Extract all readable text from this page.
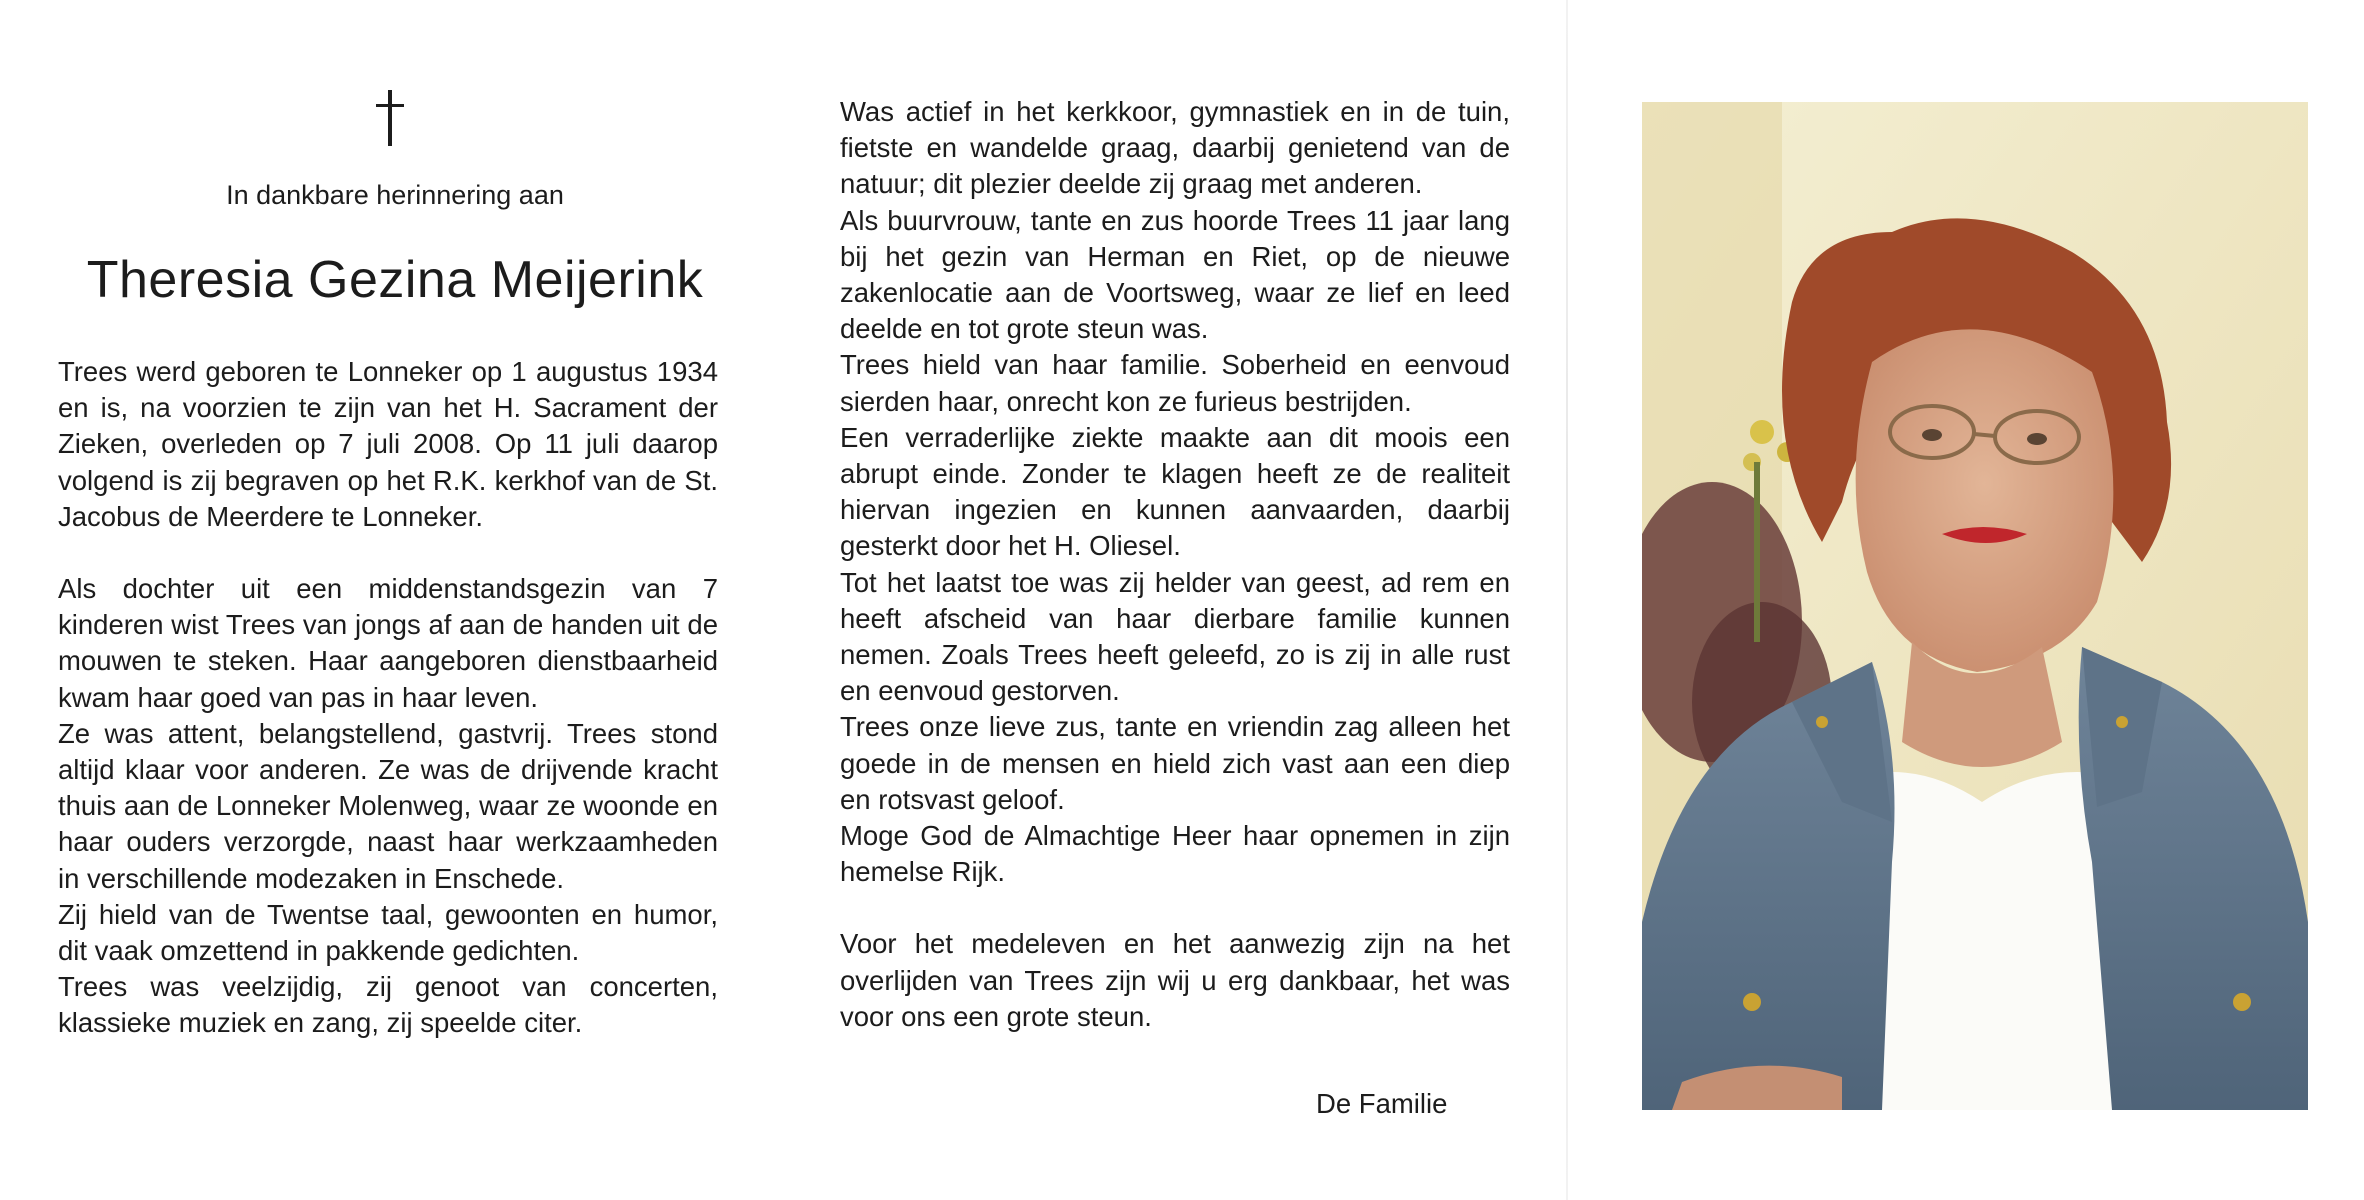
In dankbare herinnering aan
Theresia Gezina Meijerink

Trees werd geboren te Lonneker op 1 augustus 1934 en is, na voorzien te zijn van het H. Sacrament der Zieken, overleden op 7 juli 2008. Op 11 juli daarop volgend is zij begraven op het R.K. kerkhof van de St. Jacobus de Meerdere te Lonneker.

Als dochter uit een middenstandsgezin van 7 kinderen wist Trees van jongs af aan de handen uit de mouwen te steken. Haar aangeboren dienstbaarheid kwam haar goed van pas in haar leven.

Ze was attent, belangstellend, gastvrij. Trees stond altijd klaar voor anderen. Ze was de drijvende kracht thuis aan de Lonneker Molenweg, waar ze woonde en haar ouders verzorgde, naast haar werkzaamheden in verschillende modezaken in Enschede.

Zij hield van de Twentse taal, gewoonten en humor, dit vaak omzettend in pakkende gedichten.

Trees was veelzijdig, zij genoot van concerten, klassieke muziek en zang, zij speelde citer.

Was actief in het kerkkoor, gymnastiek en in de tuin, fietste en wandelde graag, daarbij genietend van de natuur; dit plezier deelde zij graag met anderen.

Als buurvrouw, tante en zus hoorde Trees 11 jaar lang bij het gezin van Herman en Riet, op de nieuwe zakenlocatie aan de Voortsweg, waar ze lief en leed deelde en tot grote steun was.

Trees hield van haar familie. Soberheid en eenvoud sierden haar, onrecht kon ze furieus bestrijden.

Een verraderlijke ziekte maakte aan dit moois een abrupt einde. Zonder te klagen heeft ze de realiteit hiervan ingezien en kunnen aanvaarden, daarbij gesterkt door het H. Oliesel.

Tot het laatst toe was zij helder van geest, ad rem en heeft afscheid van haar dierbare familie kunnen nemen. Zoals Trees heeft geleefd, zo is zij in alle rust en eenvoud gestorven.

Trees onze lieve zus, tante en vriendin zag alleen het goede in de mensen en hield zich vast aan een diep en rotsvast geloof.

Moge God de Almachtige Heer haar opnemen in zijn hemelse Rijk.

Voor het medeleven en het aanwezig zijn na het overlijden van Trees zijn wij u erg dankbaar, het was voor ons een grote steun.

De Familie
